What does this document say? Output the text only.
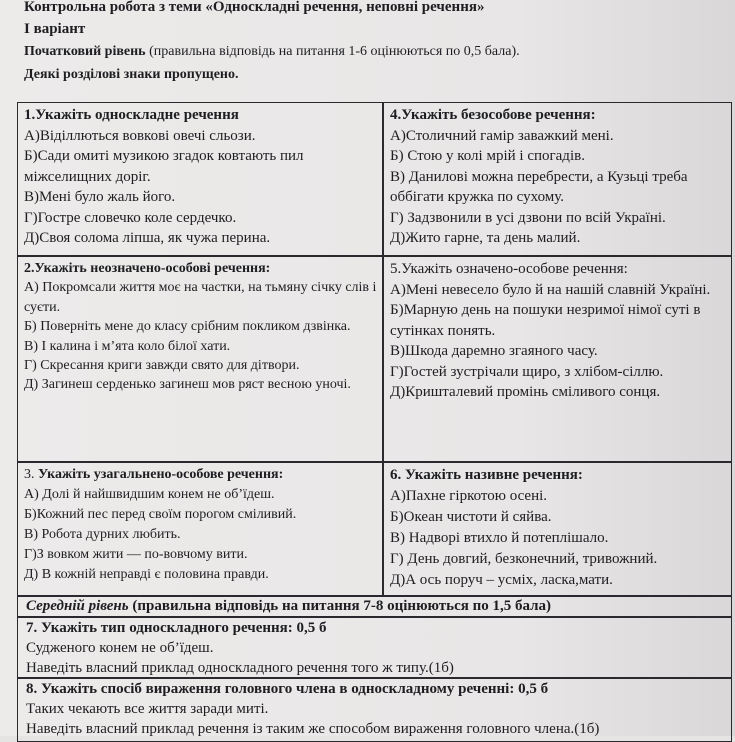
Контрольна робота з теми «Односкладні речення, неповні речення»
I варіант
Початковий рівень (правильна відповідь на питання 1-6 оцінюються по 0,5 бала).
Деякі розділові знаки пропущено.
1.Укажіть односкладне речення
А)Віділлються вовкові овечі сльози.
Б)Сади омиті музикою згадок ковтають пил міжселищних доріг.
В)Мені було жаль його.
Г)Гостре словечко коле сердечко.
Д)Своя солома ліпша, як чужа перина.
4.Укажіть безособове речення:
А)Столичний гамір заважкий мені.
Б) Стою у колі мрій і спогадів.
В) Данилові можна перебрести, а Кузьці треба оббігати кружка по сухому.
Г) Задзвонили в усі дзвони по всій Україні.
Д)Жито гарне, та день малий.
2.Укажіть неозначено-особові речення:
А) Покромсали життя моє на частки, на тьмяну січку слів і суєти.
Б) Поверніть мене до класу срібним покликом дзвінка.
В) І калина і м’ята коло білої хати.
Г) Скресання криги завжди свято для дітвори.
Д) Загинеш серденько загинеш мов ряст весною уночі.
5.Укажіть означено-особове речення:
А)Мені невесело було й на нашій славній Україні.
Б)Марную день на пошуки незримої німої суті в сутінках понять.
В)Шкода даремно згаяного часу.
Г)Гостей зустрічали щиро, з хлібом-сіллю.
Д)Кришталевий промінь сміливого сонця.
3. Укажіть узагальнено-особове речення:
А) Долі й найшвидшим конем не об’їдеш.
Б)Кожний пес перед своїм порогом сміливий.
В) Робота дурних любить.
Г)З вовком жити — по-вовчому вити.
Д) В кожній неправді є половина правди.
6. Укажіть називне речення:
А)Пахне гіркотою осені.
Б)Океан чистоти й сяйва.
В) Надворі втихло й потеплішало.
Г) День довгий, безконечний, тривожний.
Д)А ось поруч – усміх, ласка,мати.
Середній рівень (правильна відповідь на питання 7-8 оцінюються по 1,5 бала)
7. Укажіть тип односкладного речення: 0,5 б
Судженого конем не об’їдеш.
Наведіть власний приклад односкладного речення того ж типу.(1б)
8. Укажіть спосіб вираження головного члена в односкладному реченні: 0,5 б
Таких чекають все життя заради миті.
Наведіть власний приклад речення із таким же способом вираження головного члена.(1б)
